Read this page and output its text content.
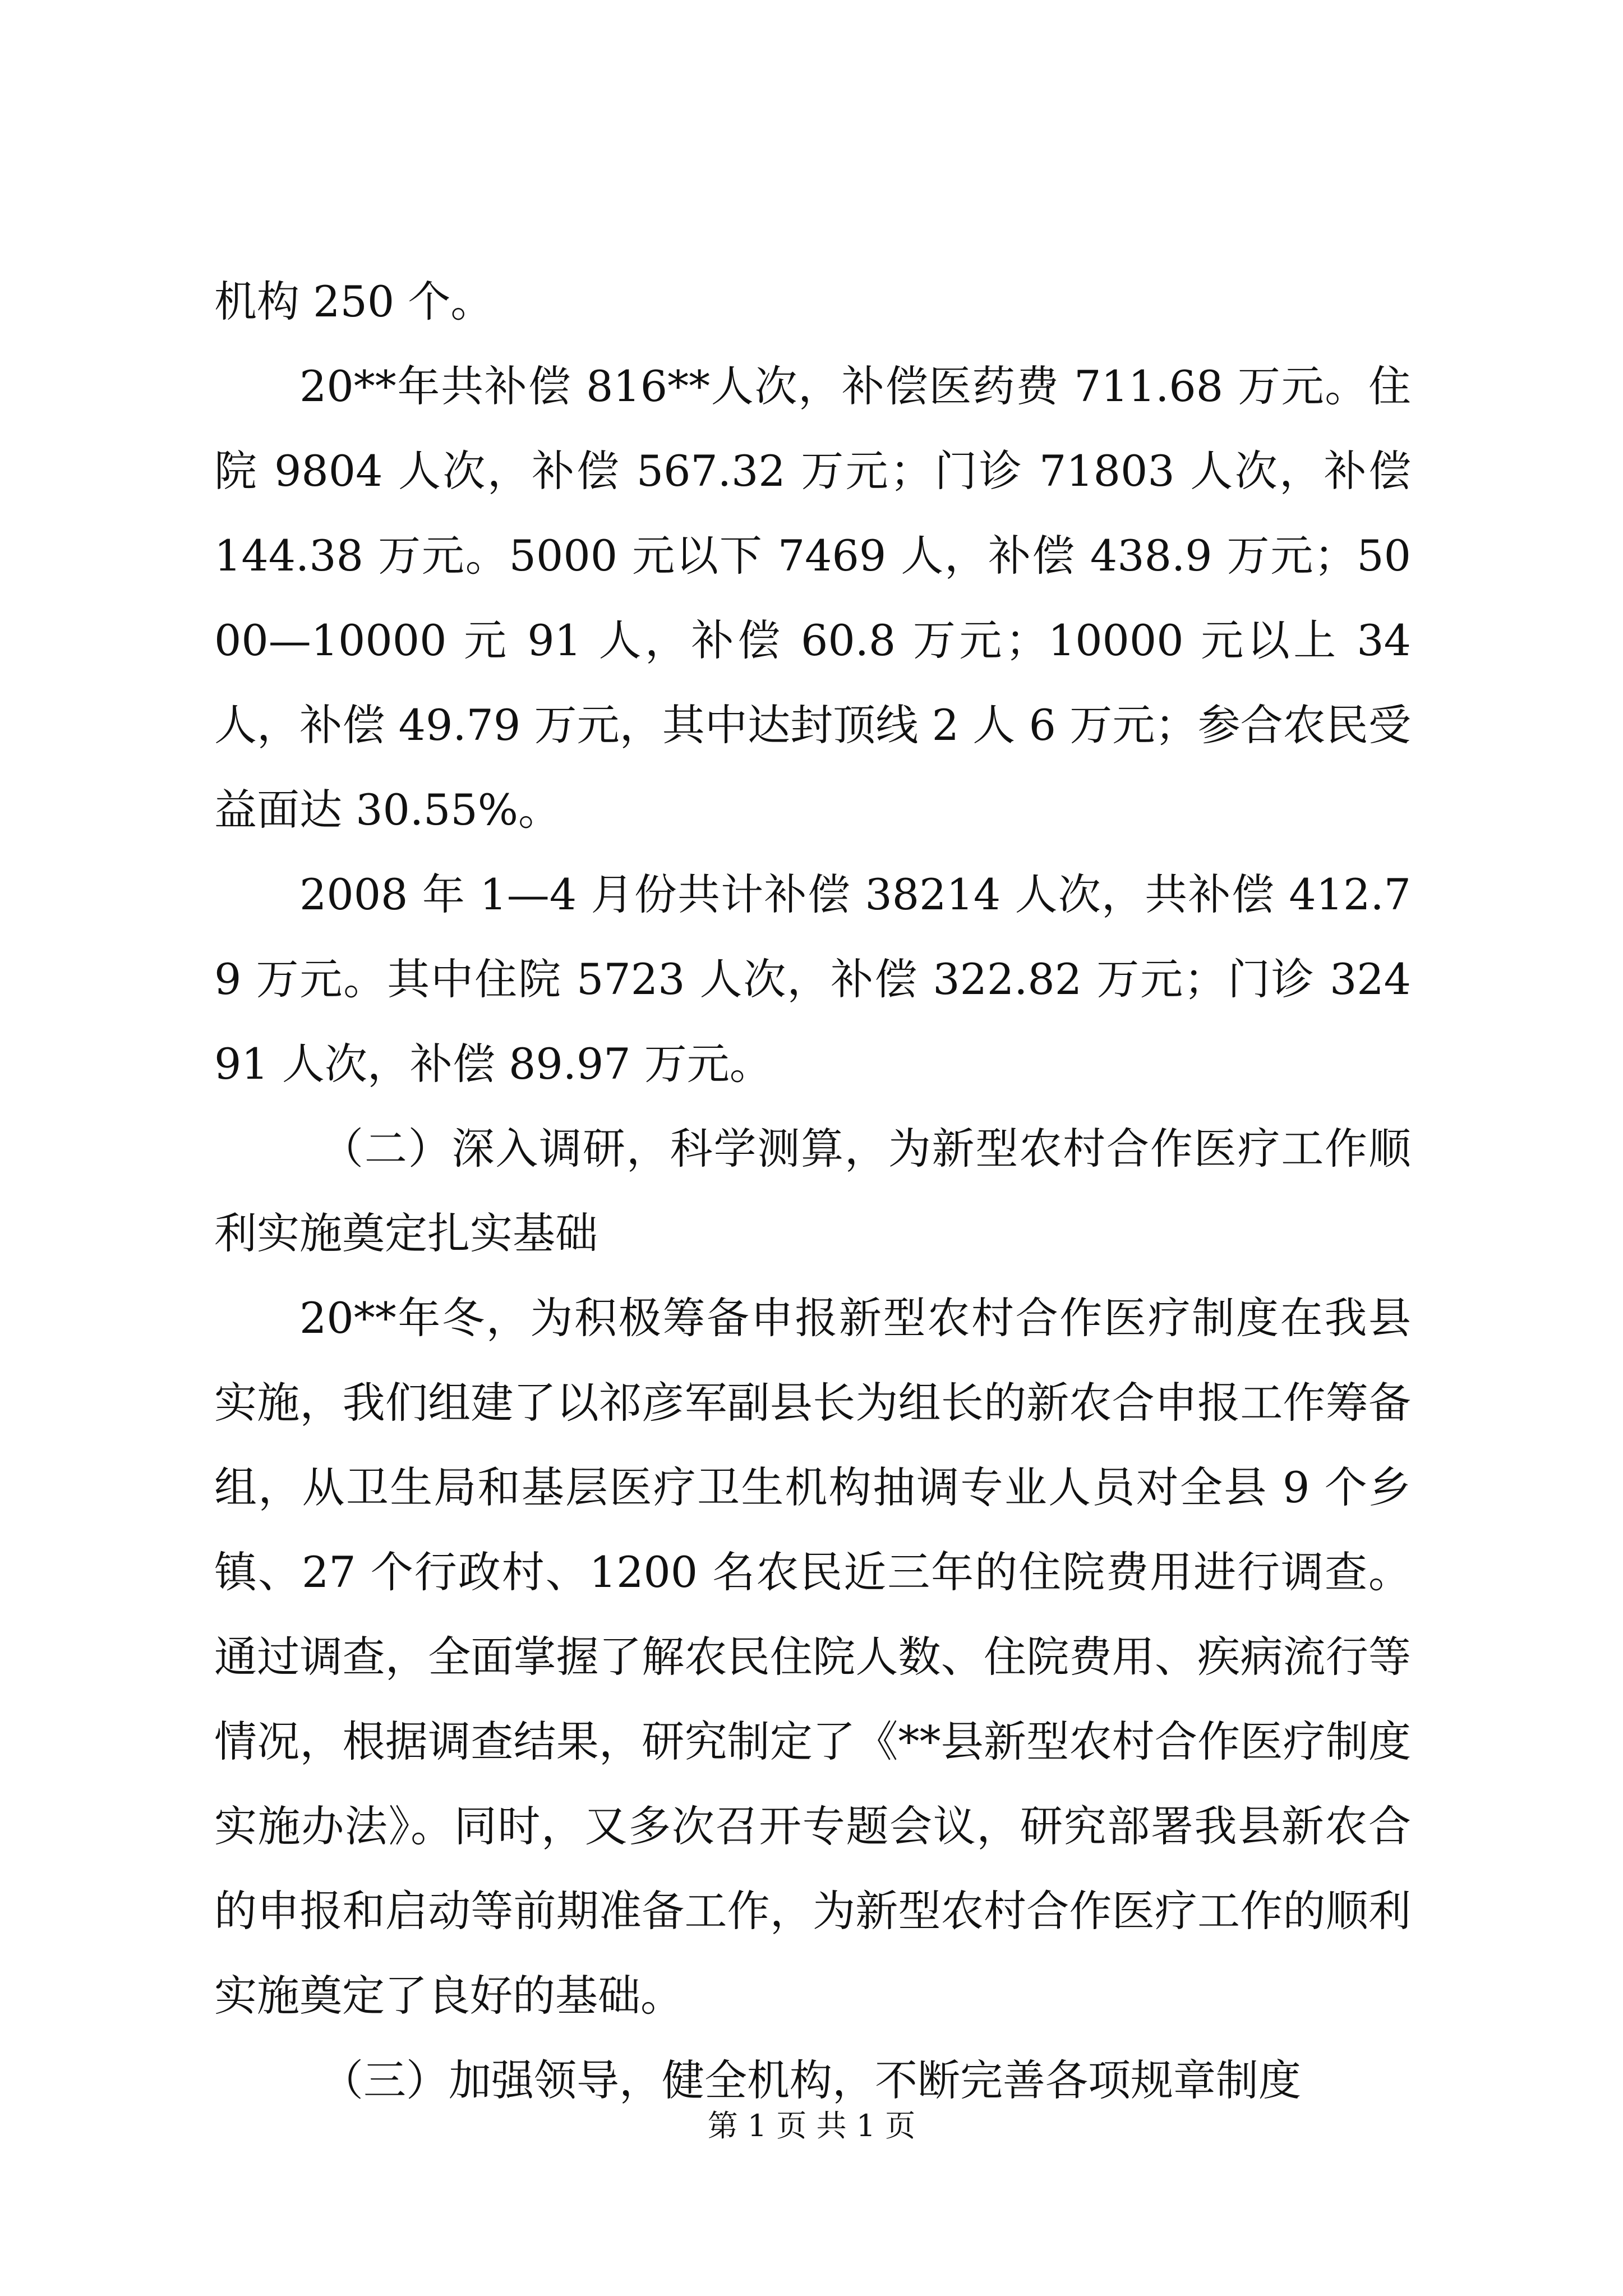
机构 250 个。

20**年共补偿 816**人次，补偿医药费 711.68 万元。住院 9804 人次，补偿 567.32 万元；门诊 71803 人次，补偿 144.38 万元。5000 元以下 7469 人，补偿 438.9 万元；5000—10000 元 91 人，补偿 60.8 万元；10000 元以上 34 人，补偿 49.79 万元，其中达封顶线 2 人 6 万元；参合农民受益面达 30.55%。

2008 年 1—4 月份共计补偿 38214 人次，共补偿 412.79 万元。其中住院 5723 人次，补偿 322.82 万元；门诊 32491 人次，补偿 89.97 万元。

（二）深入调研，科学测算，为新型农村合作医疗工作顺利实施奠定扎实基础

20**年冬，为积极筹备申报新型农村合作医疗制度在我县实施，我们组建了以祁彦军副县长为组长的新农合申报工作筹备组，从卫生局和基层医疗卫生机构抽调专业人员对全县 9 个乡镇、27 个行政村、1200 名农民近三年的住院费用进行调查。通过调查，全面掌握了解农民住院人数、住院费用、疾病流行等情况，根据调查结果，研究制定了《**县新型农村合作医疗制度实施办法》。同时，又多次召开专题会议，研究部署我县新农合的申报和启动等前期准备工作，为新型农村合作医疗工作的顺利实施奠定了良好的基础。

（三）加强领导，健全机构，不断完善各项规章制度

第 1 页 共 1 页
